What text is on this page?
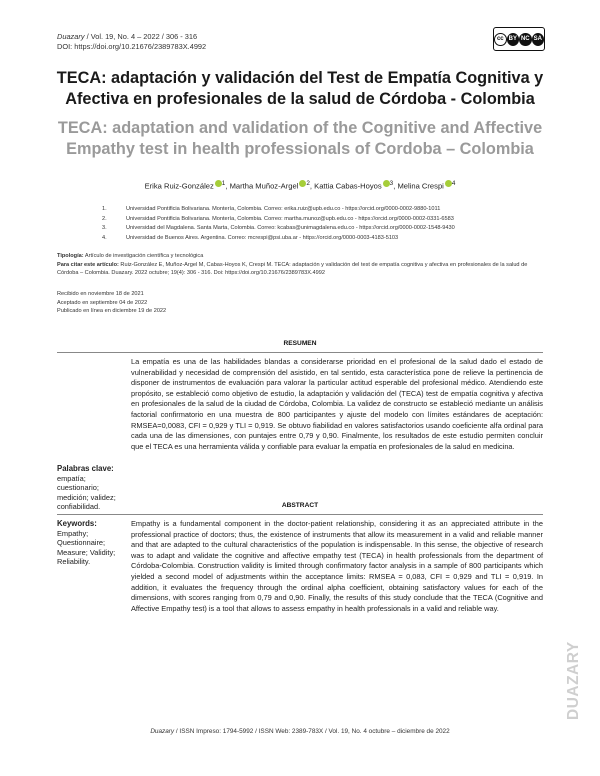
Duazary / Vol. 19, No. 4 – 2022 / 306 - 316
DOI: https://doi.org/10.21676/2389783X.4992
cc BY NC SA
TECA: adaptación y validación del Test de Empatía Cognitiva y Afectiva en profesionales de la salud de Córdoba - Colombia
TECA: adaptation and validation of the Cognitive and Affective Empathy test in health professionals of Cordoba – Colombia
Erika Ruiz-González $^1$, Martha Muñoz-Argel $^2$, Kattia Cabas-Hoyos $^3$, Melina Crespi $^4$
1.	Universidad Pontificia Bolivariana. Montería, Colombia. Correo: erika.ruiz@upb.edu.co - https://orcid.org/0000-0002-9880-1011
2.	Universidad Pontificia Bolivariana. Montería, Colombia. Correo: martha.munoz@upb.edu.co - https://orcid.org/0000-0002-0331-6583
3.	Universidad del Magdalena. Santa Marta, Colombia. Correo: kcabas@unimagdalena.edu.co - https://orcid.org/0000-0002-1548-9430
4.	Universidad de Buenos Aires. Argentina. Correo: mcrespi@psi.uba.ar - https://orcid.org/0000-0003-4183-5103
Tipología: Artículo de investigación científica y tecnológica
Para citar este artículo: Ruiz-González E, Muñoz-Argel M, Cabas-Hoyos K, Crespi M. TECA: adaptación y validación del test de empatía cognitiva y afectiva en profesionales de la salud de Córdoba – Colombia. Duazary. 2022 octubre; 19(4): 306 - 316. Doi: https://doi.org/10.21676/2389783X.4992
Recibido en noviembre 18 de 2021
Aceptado en septiembre 04 de 2022
Publicado en línea en diciembre 19 de 2022
RESUMEN
Palabras clave: empatía; cuestionario; medición; validez; confiabilidad.
La empatía es una de las habilidades blandas a considerarse prioridad en el profesional de la salud dado el estado de vulnerabilidad y necesidad de comprensión del asistido, en tal sentido, esta característica pone de relieve la pertinencia de disponer de instrumentos de evaluación para valorar la particular actitud esperable del profesional médico. Atendiendo este propósito, se estableció como objetivo de estudio, la adaptación y validación del (TECA) test de empatía cognitiva y afectiva en profesionales de la salud de la ciudad de Córdoba, Colombia. La validez de constructo se estableció mediante un análisis factorial confirmatorio en una muestra de 800 participantes y ajuste del modelo con límites estándares de aceptación: RMSEA=0,0083, CFI = 0,929 y TLI = 0,919. Se obtuvo fiabilidad en valores satisfactorios usando coeficiente alfa ordinal para cada una de las dimensiones, con puntajes entre 0,79 y 0,90. Finalmente, los resultados de este estudio permiten concluir que el TECA es una herramienta válida y confiable para evaluar la empatía en profesionales de la salud en medicina.
ABSTRACT
Keywords: Empathy; Questionnaire; Measure; Validity; Reliability.
Empathy is a fundamental component in the doctor-patient relationship, considering it as an appreciated attribute in the professional practice of doctors; thus, the existence of instruments that allow its measurement in a valid and reliable manner and that are adapted to the cultural characteristics of the population is indispensable. In this sense, the objective of research was to adapt and validate the cognitive and affective empathy test (TECA) in health professionals from the department of Córdoba-Colombia. Construction validity is limited through confirmatory factor analysis in a sample of 800 participants which yielded a second model of adjustments within the acceptance limits: RMSEA = 0,083, CFI = 0,929 and TLI = 0,919. In addition, it evaluates the frequency through the ordinal alpha coefficient, obtaining satisfactory values for each of the dimensions, with scores ranging from 0,79 and 0,90. Finally, the results of this study conclude that the TECA (Cognitive and Affective Empathy test) is a tool that allows to assess empathy in health professionals in a valid and reliable way.
DUAZARY
Duazary / ISSN Impreso: 1794-5992 / ISSN Web: 2389-783X / Vol. 19, No. 4 octubre – diciembre de 2022
